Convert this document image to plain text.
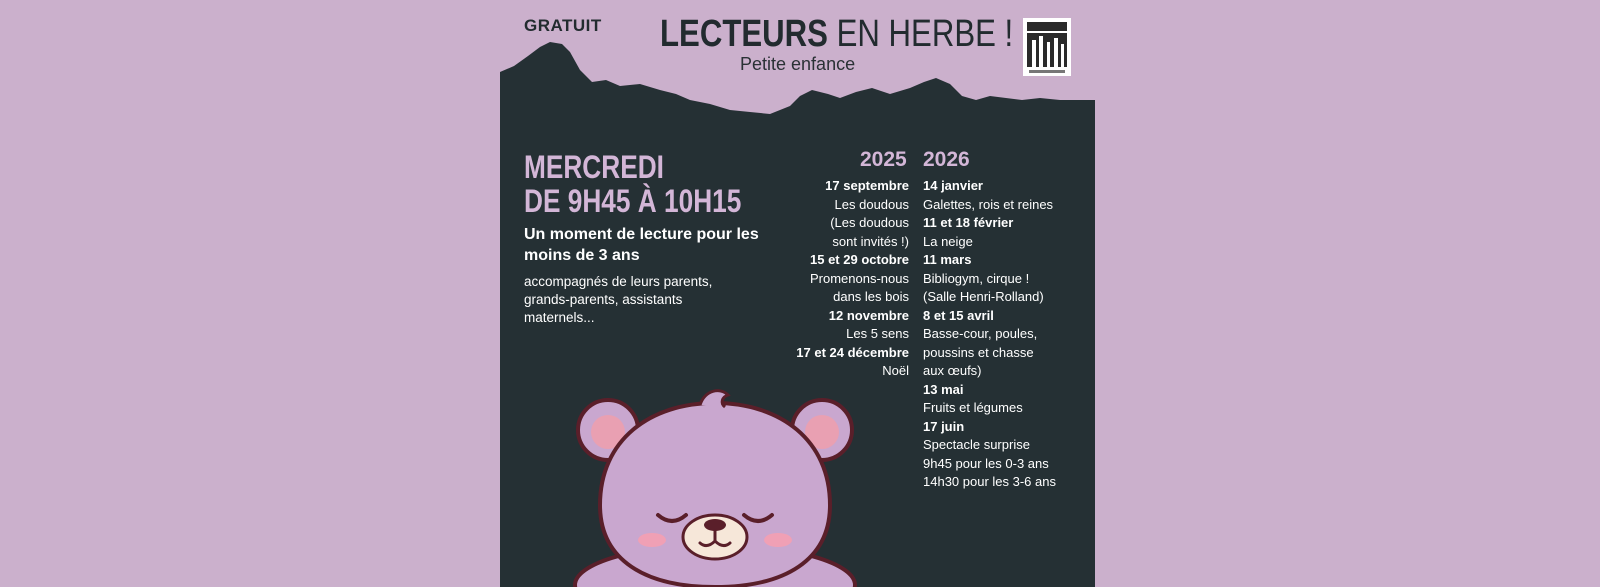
GRATUIT LECTEURS EN HERBE !
Petite enfance
MERCREDI
DE 9H45 À 10H15
Un moment de lecture pour les moins de 3 ans
accompagnés de leurs parents, grands-parents, assistants maternels...
2025 2026
17 septembre
Les doudous
(Les doudous
sont invités !)
15 et 29 octobre
Promenons-nous
dans les bois
12 novembre
Les 5 sens
17 et 24 décembre
Noël
14 janvier
Galettes, rois et reines
11 et 18 février
La neige
11 mars
Bibliogym, cirque !
(Salle Henri-Rolland)
8 et 15 avril
Basse-cour, poules,
poussins et chasse
aux œufs)
13 mai
Fruits et légumes
17 juin
Spectacle surprise
9h45 pour les 0-3 ans
14h30 pour les 3-6 ans
